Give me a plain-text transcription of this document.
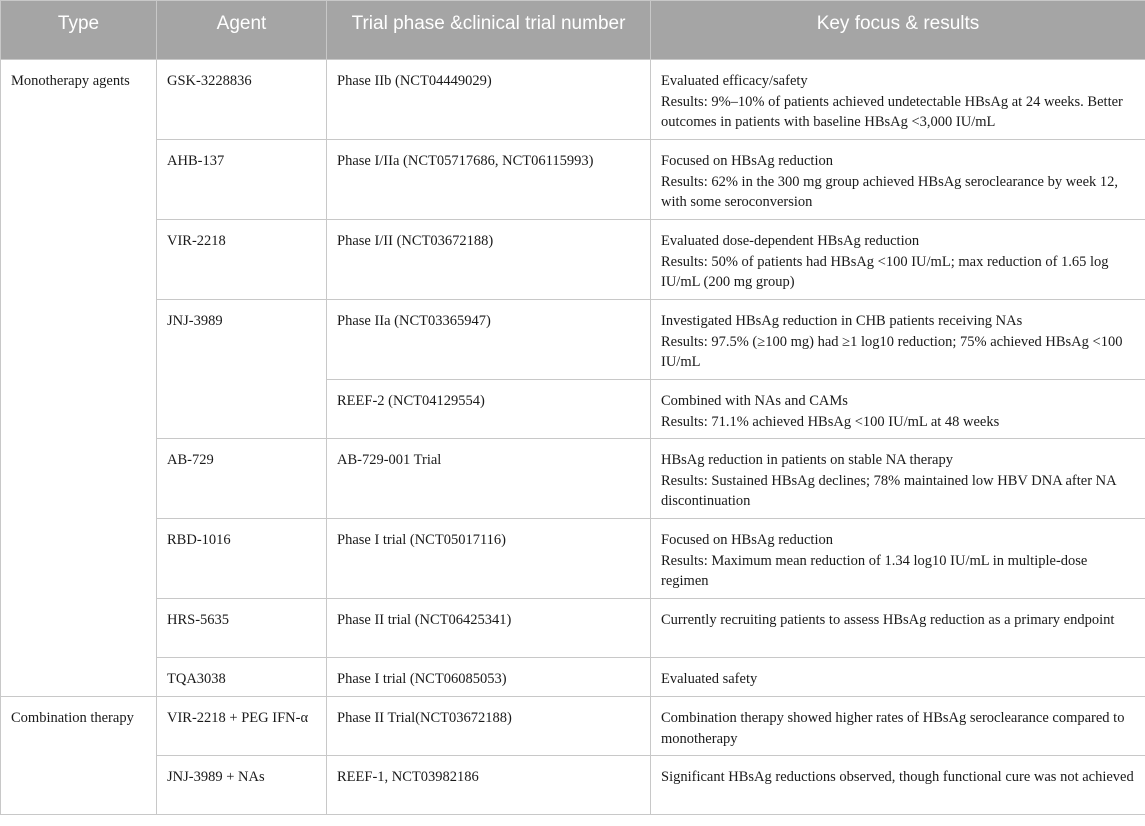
Type	Agent	Trial phase &clinical trial number	Key focus & results
Monotherapy agents	GSK-3228836	Phase IIb (NCT04449029)	Evaluated efficacy/safety
Results: 9%–10% of patients achieved undetectable HBsAg at 24 weeks. Better outcomes in patients with baseline HBsAg <3,000 IU/mL

	AHB-137	Phase I/IIa (NCT05717686, NCT06115993)	Focused on HBsAg reduction
Results: 62% in the 300 mg group achieved HBsAg seroclearance by week 12, with some seroconversion

	VIR-2218	Phase I/II (NCT03672188)	Evaluated dose-dependent HBsAg reduction
Results: 50% of patients had HBsAg <100 IU/mL; max reduction of 1.65 log IU/mL (200 mg group)

	JNJ-3989	Phase IIa (NCT03365947)	Investigated HBsAg reduction in CHB patients receiving NAs
Results: 97.5% (≥100 mg) had ≥1 log10 reduction; 75% achieved HBsAg <100 IU/mL

		REEF-2 (NCT04129554)	Combined with NAs and CAMs
Results: 71.1% achieved HBsAg <100 IU/mL at 48 weeks

	AB-729	AB-729-001 Trial	HBsAg reduction in patients on stable NA therapy
Results: Sustained HBsAg declines; 78% maintained low HBV DNA after NA discontinuation

	RBD-1016	Phase I trial (NCT05017116)	Focused on HBsAg reduction
Results: Maximum mean reduction of 1.34 log10 IU/mL in multiple-dose regimen

	HRS-5635	Phase II trial (NCT06425341)	Currently recruiting patients to assess HBsAg reduction as a primary endpoint

	TQA3038	Phase I trial (NCT06085053)	Evaluated safety

Combination therapy	VIR-2218 + PEG IFN-α	Phase II Trial(NCT03672188)	Combination therapy showed higher rates of HBsAg seroclearance compared to monotherapy

	JNJ-3989 + NAs	REEF-1, NCT03982186	Significant HBsAg reductions observed, though functional cure was not achieved
